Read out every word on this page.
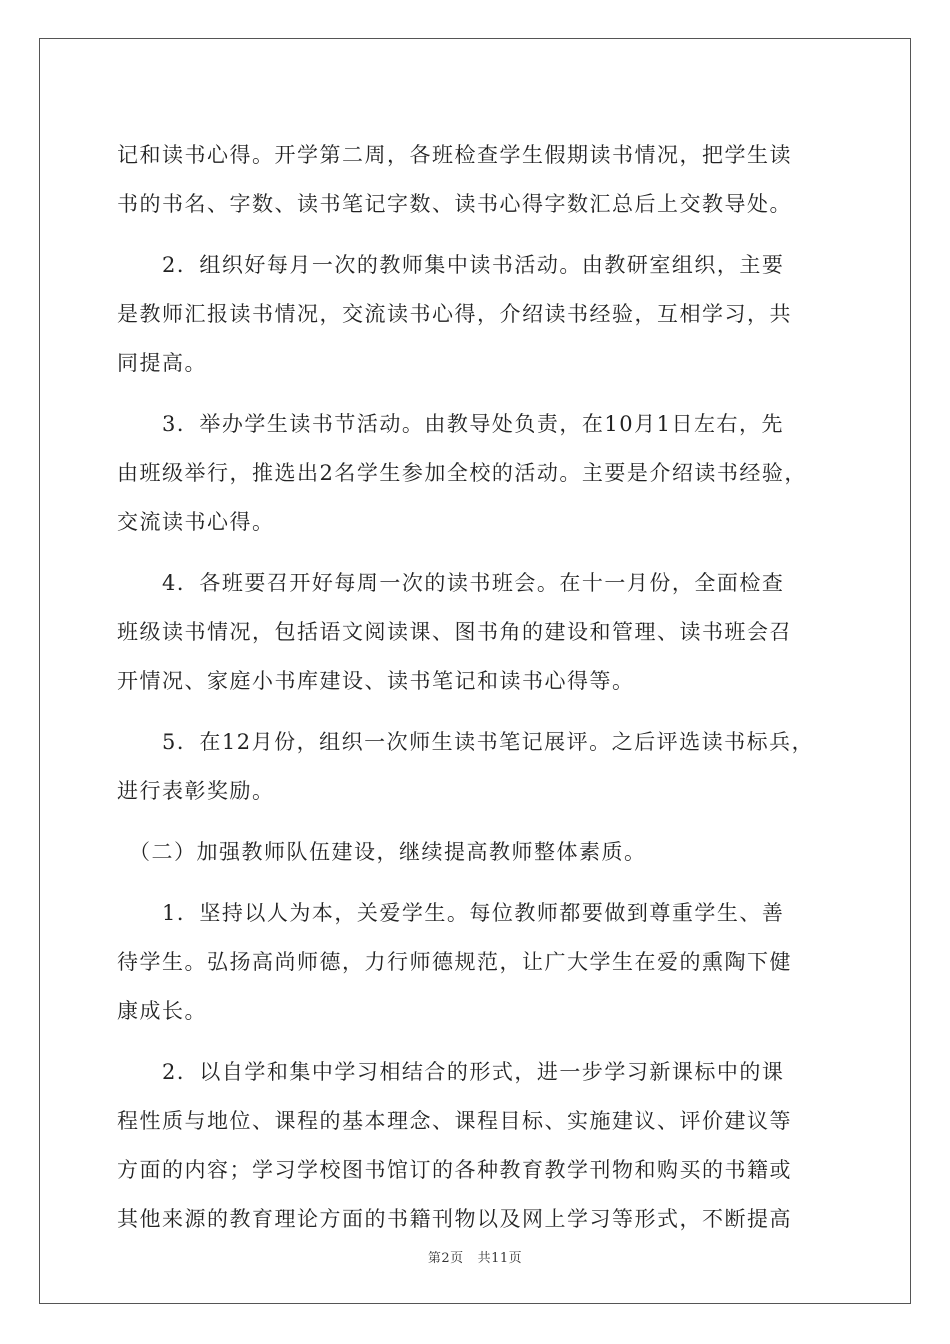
记和读书心得。开学第二周，各班检查学生假期读书情况，把学生读
书的书名、字数、读书笔记字数、读书心得字数汇总后上交教导处。

　　2．组织好每月一次的教师集中读书活动。由教研室组织，主要
是教师汇报读书情况，交流读书心得，介绍读书经验，互相学习，共
同提高。

　　3．举办学生读书节活动。由教导处负责，在10月1日左右，先
由班级举行，推选出2名学生参加全校的活动。主要是介绍读书经验，
交流读书心得。

　　4．各班要召开好每周一次的读书班会。在十一月份，全面检查
班级读书情况，包括语文阅读课、图书角的建设和管理、读书班会召
开情况、家庭小书库建设、读书笔记和读书心得等。

　　5．在12月份，组织一次师生读书笔记展评。之后评选读书标兵，
进行表彰奖励。

　（二）加强教师队伍建设，继续提高教师整体素质。

　　1．坚持以人为本，关爱学生。每位教师都要做到尊重学生、善
待学生。弘扬高尚师德，力行师德规范，让广大学生在爱的熏陶下健
康成长。

　　2．以自学和集中学习相结合的形式，进一步学习新课标中的课
程性质与地位、课程的基本理念、课程目标、实施建议、评价建议等
方面的内容；学习学校图书馆订的各种教育教学刊物和购买的书籍或
其他来源的教育理论方面的书籍刊物以及网上学习等形式，不断提高

第2页 共11页
